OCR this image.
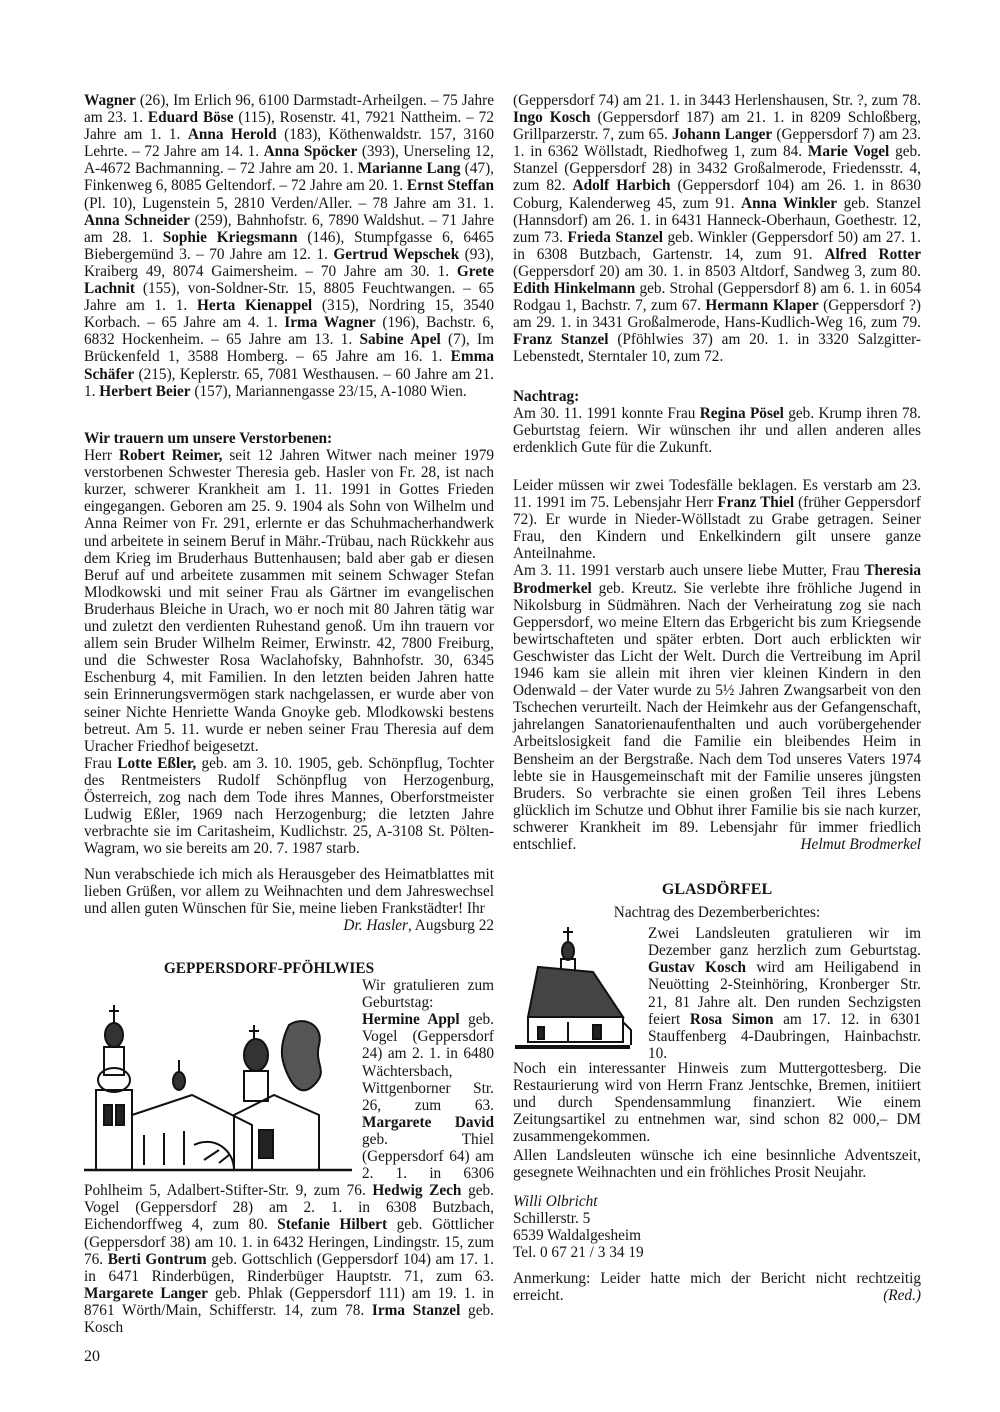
Wagner (26), Im Erlich 96, 6100 Darmstadt-Arheilgen. – 75 Jahre am 23. 1. Eduard Böse (115), Rosenstr. 41, 7921 Nattheim. – 72 Jahre am 1. 1. Anna Herold (183), Köthenwaldstr. 157, 3160 Lehrte. – 72 Jahre am 14. 1. Anna Spöcker (393), Unerseling 12, A-4672 Bachmanning. – 72 Jahre am 20. 1. Marianne Lang (47), Finkenweg 6, 8085 Geltendorf. – 72 Jahre am 20. 1. Ernst Steffan (Pl. 10), Lugenstein 5, 2810 Verden/Aller. – 78 Jahre am 31. 1. Anna Schneider (259), Bahnhofstr. 6, 7890 Waldshut. – 71 Jahre am 28. 1. Sophie Kriegsmann (146), Stumpfgasse 6, 6465 Biebergemünd 3. – 70 Jahre am 12. 1. Gertrud Wepschek (93), Kraiberg 49, 8074 Gaimersheim. – 70 Jahre am 30. 1. Grete Lachnit (155), von-Soldner-Str. 15, 8805 Feuchtwangen. – 65 Jahre am 1. 1. Herta Kienappel (315), Nordring 15, 3540 Korbach. – 65 Jahre am 4. 1. Irma Wagner (196), Bachstr. 6, 6832 Hockenheim. – 65 Jahre am 13. 1. Sabine Apel (7), Im Brückenfeld 1, 3588 Homberg. – 65 Jahre am 16. 1. Emma Schäfer (215), Keplerstr. 65, 7081 Westhausen. – 60 Jahre am 21. 1. Herbert Beier (157), Mariannengasse 23/15, A-1080 Wien.

Wir trauern um unsere Verstorbenen:

Herr Robert Reimer, seit 12 Jahren Witwer nach meiner 1979 verstorbenen Schwester Theresia geb. Hasler von Fr. 28, ist nach kurzer, schwerer Krankheit am 1. 11. 1991 in Gottes Frieden eingegangen. Geboren am 25. 9. 1904 als Sohn von Wilhelm und Anna Reimer von Fr. 291, erlernte er das Schuhmacherhandwerk und arbeitete in seinem Beruf in Mähr.-Trübau, nach Rückkehr aus dem Krieg im Bruderhaus Buttenhausen; bald aber gab er diesen Beruf auf und arbeitete zusammen mit seinem Schwager Stefan Mlodkowski und mit seiner Frau als Gärtner im evangelischen Bruderhaus Bleiche in Urach, wo er noch mit 80 Jahren tätig war und zuletzt den verdienten Ruhestand genoß. Um ihn trauern vor allem sein Bruder Wilhelm Reimer, Erwinstr. 42, 7800 Freiburg, und die Schwester Rosa Waclahofsky, Bahnhofstr. 30, 6345 Eschenburg 4, mit Familien. In den letzten beiden Jahren hatte sein Erinnerungsvermögen stark nachgelassen, er wurde aber von seiner Nichte Henriette Wanda Gnoyke geb. Mlodkowski bestens betreut. Am 5. 11. wurde er neben seiner Frau Theresia auf dem Uracher Friedhof beigesetzt.

Frau Lotte Eßler, geb. am 3. 10. 1905, geb. Schönpflug, Tochter des Rentmeisters Rudolf Schönpflug von Herzogenburg, Österreich, zog nach dem Tode ihres Mannes, Oberforstmeister Ludwig Eßler, 1969 nach Herzogenburg; die letzten Jahre verbrachte sie im Caritasheim, Kudlichstr. 25, A-3108 St. Pölten-Wagram, wo sie bereits am 20. 7. 1987 starb.

Nun verabschiede ich mich als Herausgeber des Heimatblattes mit lieben Grüßen, vor allem zu Weihnachten und dem Jahreswechsel und allen guten Wünschen für Sie, meine lieben Frankstädter! Ihr
Dr. Hasler, Augsburg 22

GEPPERSDORF-PFÖHLWIES

Wir gratulieren zum Geburtstag: Hermine Appl geb. Vogel (Geppersdorf 24) am 2. 1. in 6480 Wächtersbach, Wittgenborner Str. 26, zum 63. Margarete David geb. Thiel (Geppersdorf 64) am 2. 1. in 6306 Pohlheim 5, Adalbert-Stifter-Str. 9, zum 76. Hedwig Zech geb. Vogel (Geppersdorf 28) am 2. 1. in 6308 Butzbach, Eichendorffweg 4, zum 80. Stefanie Hilbert geb. Göttlicher (Geppersdorf 38) am 10. 1. in 6432 Heringen, Lindingstr. 15, zum 76. Berti Gontrum geb. Gottschlich (Geppersdorf 104) am 17. 1. in 6471 Rinderbügen, Rinderbüger Hauptstr. 71, zum 63. Margarete Langer geb. Phlak (Geppersdorf 111) am 19. 1. in 8761 Wörth/Main, Schifferstr. 14, zum 78. Irma Stanzel geb. Kosch

20

(Geppersdorf 74) am 21. 1. in 3443 Herlenshausen, Str. ?, zum 78. Ingo Kosch (Geppersdorf 187) am 21. 1. in 8209 Schloßberg, Grillparzerstr. 7, zum 65. Johann Langer (Geppersdorf 7) am 23. 1. in 6362 Wöllstadt, Riedhofweg 1, zum 84. Marie Vogel geb. Stanzel (Geppersdorf 28) in 3432 Großalmerode, Friedensstr. 4, zum 82. Adolf Harbich (Geppersdorf 104) am 26. 1. in 8630 Coburg, Kalenderweg 45, zum 91. Anna Winkler geb. Stanzel (Hannsdorf) am 26. 1. in 6431 Hanneck-Oberhaun, Goethestr. 12, zum 73. Frieda Stanzel geb. Winkler (Geppersdorf 50) am 27. 1. in 6308 Butzbach, Gartenstr. 14, zum 91. Alfred Rotter (Geppersdorf 20) am 30. 1. in 8503 Altdorf, Sandweg 3, zum 80. Edith Hinkelmann geb. Strohal (Geppersdorf 8) am 6. 1. in 6054 Rodgau 1, Bachstr. 7, zum 67. Hermann Klaper (Geppersdorf ?) am 29. 1. in 3431 Großalmerode, Hans-Kudlich-Weg 16, zum 79. Franz Stanzel (Pföhlwies 37) am 20. 1. in 3320 Salzgitter-Lebenstedt, Sterntaler 10, zum 72.

Nachtrag:

Am 30. 11. 1991 konnte Frau Regina Pösel geb. Krump ihren 78. Geburtstag feiern. Wir wünschen ihr und allen anderen alles erdenklich Gute für die Zukunft.

Leider müssen wir zwei Todesfälle beklagen. Es verstarb am 23. 11. 1991 im 75. Lebensjahr Herr Franz Thiel (früher Geppersdorf 72). Er wurde in Nieder-Wöllstadt zu Grabe getragen. Seiner Frau, den Kindern und Enkelkindern gilt unsere ganze Anteilnahme.

Am 3. 11. 1991 verstarb auch unsere liebe Mutter, Frau Theresia Brodmerkel geb. Kreutz. Sie verlebte ihre fröhliche Jugend in Nikolsburg in Südmähren. Nach der Verheiratung zog sie nach Geppersdorf, wo meine Eltern das Erbgericht bis zum Kriegsende bewirtschafteten und später erbten. Dort auch erblickten wir Geschwister das Licht der Welt. Durch die Vertreibung im April 1946 kam sie allein mit ihren vier kleinen Kindern in den Odenwald – der Vater wurde zu 5½ Jahren Zwangsarbeit von den Tschechen verurteilt. Nach der Heimkehr aus der Gefangenschaft, jahrelangen Sanatorienaufenthalten und auch vorübergehender Arbeitslosigkeit fand die Familie ein bleibendes Heim in Bensheim an der Bergstraße. Nach dem Tod unseres Vaters 1974 lebte sie in Hausgemeinschaft mit der Familie unseres jüngsten Bruders. So verbrachte sie einen großen Teil ihres Lebens glücklich im Schutze und Obhut ihrer Familie bis sie nach kurzer, schwerer Krankheit im 89. Lebensjahr für immer friedlich entschlief.	Helmut Brodmerkel

GLASDÖRFEL

Nachtrag des Dezemberberichtes:

Zwei Landsleuten gratulieren wir im Dezember ganz herzlich zum Geburtstag. Gustav Kosch wird am Heiligabend in Neuötting 2-Steinhöring, Kronberger Str. 21, 81 Jahre alt. Den runden Sechzigsten feiert Rosa Simon am 17. 12. in 6301 Stauffenberg 4-Daubringen, Hainbachstr. 10.

Noch ein interessanter Hinweis zum Muttergottesberg. Die Restaurierung wird von Herrn Franz Jentschke, Bremen, initiiert und durch Spendensammlung finanziert. Wie einem Zeitungsartikel zu entnehmen war, sind schon 82 000,– DM zusammengekommen.

Allen Landsleuten wünsche ich eine besinnliche Adventszeit, gesegnete Weihnachten und ein fröhliches Prosit Neujahr.

Willi Olbricht

Schillerstr. 5

6539 Waldalgesheim

Tel. 0 67 21 / 3 34 19

Anmerkung: Leider hatte mich der Bericht nicht rechtzeitig erreicht.	(Red.)
